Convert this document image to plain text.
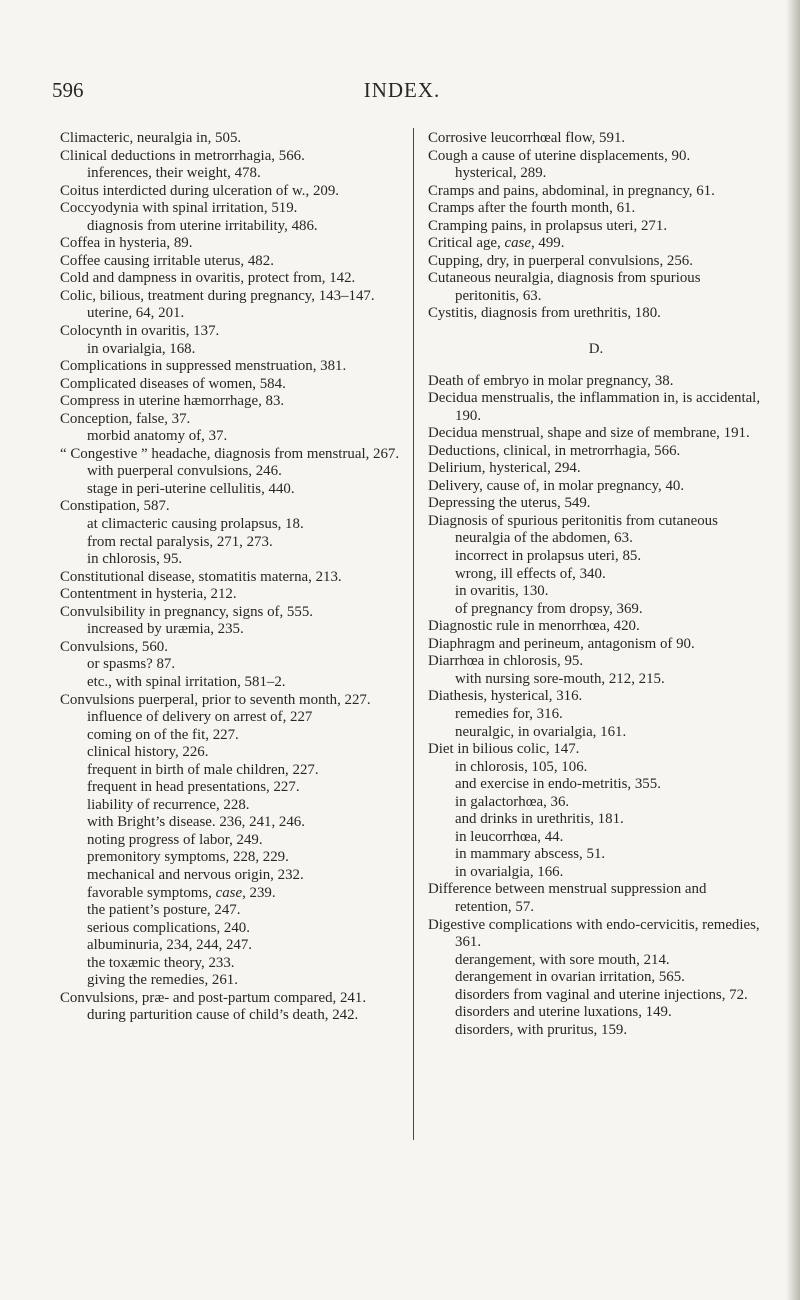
596	INDEX.
Climacteric, neuralgia in, 505.
Clinical deductions in metrorrhagia, 566.
inferences, their weight, 478.
Coitus interdicted during ulceration of w., 209.
Coccyodynia with spinal irritation, 519.
diagnosis from uterine irritability, 486.
Coffea in hysteria, 89.
Coffee causing irritable uterus, 482.
Cold and dampness in ovaritis, protect from, 142.
Colic, bilious, treatment during pregnancy, 143–147.
uterine, 64, 201.
Colocynth in ovaritis, 137.
in ovarialgia, 168.
Complications in suppressed menstruation, 381.
Complicated diseases of women, 584.
Compress in uterine hæmorrhage, 83.
Conception, false, 37.
morbid anatomy of, 37.
“ Congestive ” headache, diagnosis from menstrual, 267.
with puerperal convulsions, 246.
stage in peri-uterine cellulitis, 440.
Constipation, 587.
at climacteric causing prolapsus, 18.
from rectal paralysis, 271, 273.
in chlorosis, 95.
Constitutional disease, stomatitis materna, 213.
Contentment in hysteria, 212.
Convulsibility in pregnancy, signs of, 555.
increased by uræmia, 235.
Convulsions, 560.
or spasms? 87.
etc., with spinal irritation, 581–2.
Convulsions puerperal, prior to seventh month, 227.
influence of delivery on arrest of, 227
coming on of the fit, 227.
clinical history, 226.
frequent in birth of male children, 227.
frequent in head presentations, 227.
liability of recurrence, 228.
with Bright’s disease. 236, 241, 246.
noting progress of labor, 249.
premonitory symptoms, 228, 229.
mechanical and nervous origin, 232.
favorable symptoms, case, 239.
the patient’s posture, 247.
serious complications, 240.
albuminuria, 234, 244, 247.
the toxæmic theory, 233.
giving the remedies, 261.
Convulsions, præ- and post-partum compared, 241.
during parturition cause of child’s death, 242.
Corrosive leucorrhœal flow, 591.
Cough a cause of uterine displacements, 90.
hysterical, 289.
Cramps and pains, abdominal, in pregnancy, 61.
Cramps after the fourth month, 61.
Cramping pains, in prolapsus uteri, 271.
Critical age, case, 499.
Cupping, dry, in puerperal convulsions, 256.
Cutaneous neuralgia, diagnosis from spurious peritonitis, 63.
Cystitis, diagnosis from urethritis, 180.
D.
Death of embryo in molar pregnancy, 38.
Decidua menstrualis, the inflammation in, is accidental, 190.
Decidua menstrual, shape and size of membrane, 191.
Deductions, clinical, in metrorrhagia, 566.
Delirium, hysterical, 294.
Delivery, cause of, in molar pregnancy, 40.
Depressing the uterus, 549.
Diagnosis of spurious peritonitis from cutaneous neuralgia of the abdomen, 63.
incorrect in prolapsus uteri, 85.
wrong, ill effects of, 340.
in ovaritis, 130.
of pregnancy from dropsy, 369.
Diagnostic rule in menorrhœa, 420.
Diaphragm and perineum, antagonism of 90.
Diarrhœa in chlorosis, 95.
with nursing sore-mouth, 212, 215.
Diathesis, hysterical, 316.
remedies for, 316.
neuralgic, in ovarialgia, 161.
Diet in bilious colic, 147.
in chlorosis, 105, 106.
and exercise in endo-metritis, 355.
in galactorhœa, 36.
and drinks in urethritis, 181.
in leucorrhœa, 44.
in mammary abscess, 51.
in ovarialgia, 166.
Difference between menstrual suppression and retention, 57.
Digestive complications with endo-cervicitis, remedies, 361.
derangement, with sore mouth, 214.
derangement in ovarian irritation, 565.
disorders from vaginal and uterine injections, 72.
disorders and uterine luxations, 149.
disorders, with pruritus, 159.
